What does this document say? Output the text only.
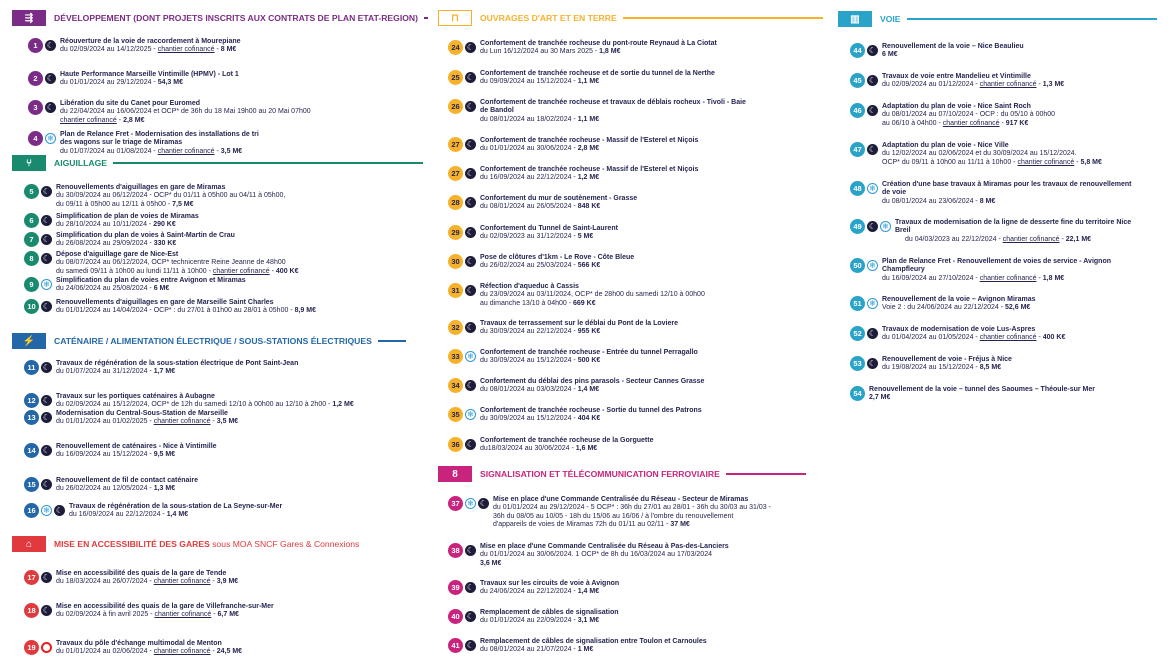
⇶	DÉVELOPPEMENT (DONT PROJETS INSCRITS AUX CONTRATS DE PLAN ETAT-REGION)
1	☾ Réouverture de la voie de raccordement à Mourepiane
du 02/09/2024 au 14/12/2025 - chantier cofinancé - 8 M€
2	☾ Haute Performance Marseille Vintimille (HPMV) - Lot 1
du 01/01/2024 au 29/12/2024 - 54,3 M€
3	☾ Libération du site du Canet pour Euromed
du 22/04/2024 au 16/06/2024 et OCP* de 36h du 18 Mai 19h00 au 20 Mai 07h00
chantier cofinancé - 2,8 M€
4	❄ Plan de Relance Fret - Modernisation des installations de tri des wagons sur le triage de Miramas
du 01/07/2024 au 01/08/2024 - chantier cofinancé - 3,5 M€
⑂	AIGUILLAGE
5	☾ Renouvellements d'aiguillages en gare de Miramas
du 30/09/2024 au 06/12/2024 - OCP* du 01/11 à 05h00 au 04/11 à 05h00,
du 09/11 à 05h00 au 12/11 à 05h00 - 7,5 M€
6	☾ Simplification de plan de voies de Miramas
du 28/10/2024 au 10/11/2024 - 290 K€
7	☾ Simplification du plan de voies à Saint-Martin de Crau
du 26/08/2024 au 29/09/2024 - 330 K€
8	☾ Dépose d'aiguillage gare de Nice-Est
du 08/07/2024 au 06/12/2024, OCP* technicentre Reine Jeanne de 48h00
du samedi 09/11 à 10h00 au lundi 11/11 à 10h00 - chantier cofinancé - 400 K€
9	❄ Simplification du plan de voies entre Avignon et Miramas
du 24/06/2024 au 25/08/2024 - 6 M€
10 ☾ Renouvellements d'aiguillages en gare de Marseille Saint Charles
du 01/01/2024 au 14/04/2024 - OCP* : du 27/01 à 01h00 au 28/01 à 05h00 - 8,9 M€
⚡	CATÉNAIRE / ALIMENTATION ÉLECTRIQUE / SOUS-STATIONS ÉLECTRIQUES
11 ☾ Travaux de régénération de la sous-station électrique de Pont Saint-Jean
du 01/07/2024 au 31/12/2024 - 1,7 M€
12 ☾ Travaux sur les portiques caténaires à Aubagne
du 02/09/2024 au 15/12/2024, OCP* de 12h du samedi 12/10 à 00h00 au 12/10 à 2h00 - 1,2 M€
13 ☾ Modernisation du Central-Sous-Station de Marseille
du 01/01/2024 au 01/02/2025 - chantier cofinancé - 3,5 M€
14 ☾ Renouvellement de caténaires - Nice à Vintimille
du 16/09/2024 au 15/12/2024 - 9,5 M€
15 ☾ Renouvellement de fil de contact caténaire
du 26/02/2024 au 12/05/2024 - 1,3 M€
16 ❄ ☾ Travaux de régénération de la sous-station de La Seyne-sur-Mer
du 16/09/2024 au 22/12/2024 - 1,4 M€
⌂	MISE EN ACCESSIBILITÉ DES GARES sous MOA SNCF Gares & Connexions
17 ☾ Mise en accessibilité des quais de la gare de Tende
du 18/03/2024 au 26/07/2024 - chantier cofinancé - 3,9 M€
18 ☾ Mise en accessibilité des quais de la gare de Villefranche-sur-Mer
du 02/09/2024 à fin avril 2025 - chantier cofinancé - 6,7 M€
19	Travaux du pôle d'échange multimodal de Menton
du 01/01/2024 au 02/06/2024 - chantier cofinancé - 24,5 M€
⊓	OUVRAGES D'ART ET EN TERRE
24 ☾ Confortement de tranchée rocheuse du pont-route Reynaud à La Ciotat
du Lun 16/12/2024 au 30 Mars 2025 - 1,8 M€
25 ☾ Confortement de tranchée rocheuse et de sortie du tunnel de la Nerthe
du 09/09/2024 au 15/12/2024 - 1,1 M€
26 ☾ Confortement de tranchée rocheuse et travaux de déblais rocheux - Tivoli - Baie de Bandol
du 08/01/2024 au 18/02/2024 - 1,1 M€
27 ☾ Confortement de tranchée rocheuse - Massif de l'Esterel et Niçois
du 01/01/2024 au 30/06/2024 - 2,8 M€
27 ☾ Confortement de tranchée rocheuse - Massif de l'Esterel et Niçois
du 16/09/2024 au 22/12/2024 - 1,2 M€
28 ☾ Confortement du mur de soutènement - Grasse
du 08/01/2024 au 26/05/2024 - 848 K€
29 ☾ Confortement du Tunnel de Saint-Laurent
du 02/09/2023 au 31/12/2024 - 5 M€
30 ☾ Pose de clôtures d'1km - Le Rove - Côte Bleue
du 26/02/2024 au 25/03/2024 - 566 K€
31 ☾ Réfection d'aqueduc à Cassis
du 23/09/2024 au 03/11/2024, OCP* de 28h00 du samedi 12/10 à 00h00
au dimanche 13/10 à 04h00 - 669 K€
32 ☾ Travaux de terrassement sur le déblai du Pont de la Loviere
du 30/09/2024 au 22/12/2024 - 955 K€
33 ❄ Confortement de tranchée rocheuse - Entrée du tunnel Perragallo
du 30/09/2024 au 15/12/2024 - 500 K€
34 ☾ Confortement du déblai des pins parasols - Secteur Cannes Grasse
du 08/01/2024 au 03/03/2024 - 1,4 M€
35 ❄ Confortement de tranchée rocheuse - Sortie du tunnel des Patrons
du 30/09/2024 au 15/12/2024 - 404 K€
36 ☾ Confortement de tranchée rocheuse de la Gorguette
du18/03/2024 au 30/06/2024 - 1,6 M€
8	SIGNALISATION ET TÉLÉCOMMUNICATION FERROVIAIRE
37 ❄ ☾ Mise en place d'une Commande Centralisée du Réseau - Secteur de Miramas
du 01/01/2024 au 29/12/2024 - 5 OCP* : 36h du 27/01 au 28/01 - 36h du 30/03 au 31/03 -
36h du 08/05 au 10/05 - 18h du 15/06 au 16/06 / à l'ombre du renouvellement
d'appareils de voies de Miramas 72h du 01/11 au 02/11 - 37 M€
38 ☾ Mise en place d'une Commande Centralisée du Réseau à Pas-des-Lanciers
du 01/01/2024 au 30/06/2024. 1 OCP* de 8h du 16/03/2024 au 17/03/2024
3,6 M€
39 ☾ Travaux sur les circuits de voie à Avignon
du 24/06/2024 au 22/12/2024 - 1,4 M€
40 ☾ Remplacement de câbles de signalisation
du 01/01/2024 au 22/09/2024 - 3,1 M€
41 ☾ Remplacement de câbles de signalisation entre Toulon et Carnoules
du 08/01/2024 au 21/07/2024 - 1 M€
▥	VOIE
44 ☾ Renouvellement de la voie – Nice Beaulieu
6 M€
45 ☾ Travaux de voie entre Mandelieu et Vintimille
du 02/09/2024 au 01/12/2024 - chantier cofinancé - 1,3 M€
46 ☾ Adaptation du plan de voie - Nice Saint Roch
du 08/01/2024 au 07/10/2024 - OCP : du 05/10 à 00h00
au 06/10 à 04h00 - chantier cofinancé - 917 K€
47 ☾ Adaptation du plan de voie - Nice Ville
du 12/02/2024 au 02/06/2024 et du 30/09/2024 au 15/12/2024.
OCP* du 09/11 à 10h00 au 11/11 à 10h00 - chantier cofinancé - 5,8 M€
48 ❄ Création d'une base travaux à Miramas pour les travaux de renouvellement de voie
du 08/01/2024 au 23/06/2024 - 8 M€
49 ☾ ❄ Travaux de modernisation de la ligne de desserte fine du territoire Nice Breil
du 04/03/2023 au 22/12/2024 - chantier cofinancé - 22,1 M€
50 ❄ Plan de Relance Fret - Renouvellement de voies de service - Avignon Champfleury
du 16/09/2024 au 27/10/2024 - chantier cofinancé - 1,8 M€
51 ❄ Renouvellement de la voie – Avignon Miramas
Voie 2 : du 24/06/2024 au 22/12/2024 - 52,6 M€
52 ☾ Travaux de modernisation de voie Lus-Aspres
du 01/04/2024 au 01/05/2024 - chantier cofinancé - 400 K€
53 ☾ Renouvellement de voie - Fréjus à Nice
du 19/08/2024 au 15/12/2024 - 8,5 M€
54	Renouvellement de la voie – tunnel des Saoumes – Théoule-sur Mer
2,7 M€
